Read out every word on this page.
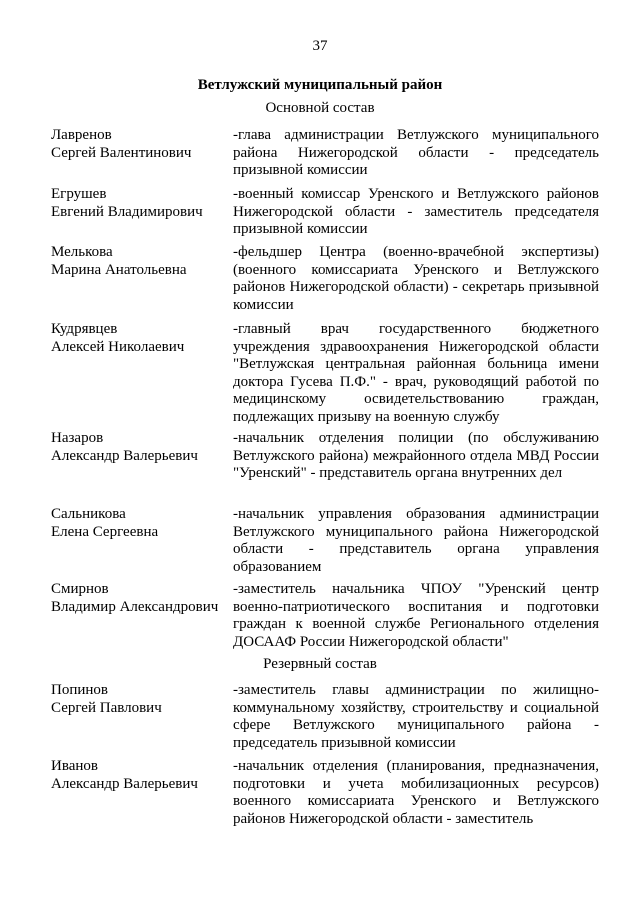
37
Ветлужский муниципальный район
Основной состав
Лавренов
Сергей Валентинович
-глава администрации Ветлужского муниципального района Нижегородской области - председатель призывной комиссии
Егрушев
Евгений Владимирович
-военный комиссар Уренского и Ветлужского районов Нижегородской области - заместитель председателя призывной комиссии
Мелькова
Марина Анатольевна
-фельдшер Центра (военно-врачебной экспертизы) (военного комиссариата Уренского и Ветлужского районов Нижегородской области) - секретарь призывной комиссии
Кудрявцев
Алексей Николаевич
-главный врач государственного бюджетного учреждения здравоохранения Нижегородской области "Ветлужская центральная районная больница имени доктора Гусева П.Ф." - врач, руководящий работой по медицинскому освидетельствованию граждан, подлежащих призыву на военную службу
Назаров
Александр Валерьевич
-начальник отделения полиции (по обслуживанию Ветлужского района) межрайонного отдела МВД России "Уренский" - представитель органа внутренних дел
Сальникова
Елена Сергеевна
-начальник управления образования администрации Ветлужского муниципального района Нижегородской области - представитель органа управления образованием
Смирнов
Владимир Александрович
-заместитель начальника ЧПОУ "Уренский центр военно-патриотического воспитания и подготовки граждан к военной службе Регионального отделения ДОСААФ России Нижегородской области"
Резервный состав
Попинов
Сергей Павлович
-заместитель главы администрации по жилищно-коммунальному хозяйству, строительству и социальной сфере Ветлужского муниципального района - председатель призывной комиссии
Иванов
Александр Валерьевич
-начальник отделения (планирования, предназначения, подготовки и учета мобилизационных ресурсов) военного комиссариата Уренского и Ветлужского районов Нижегородской области - заместитель
